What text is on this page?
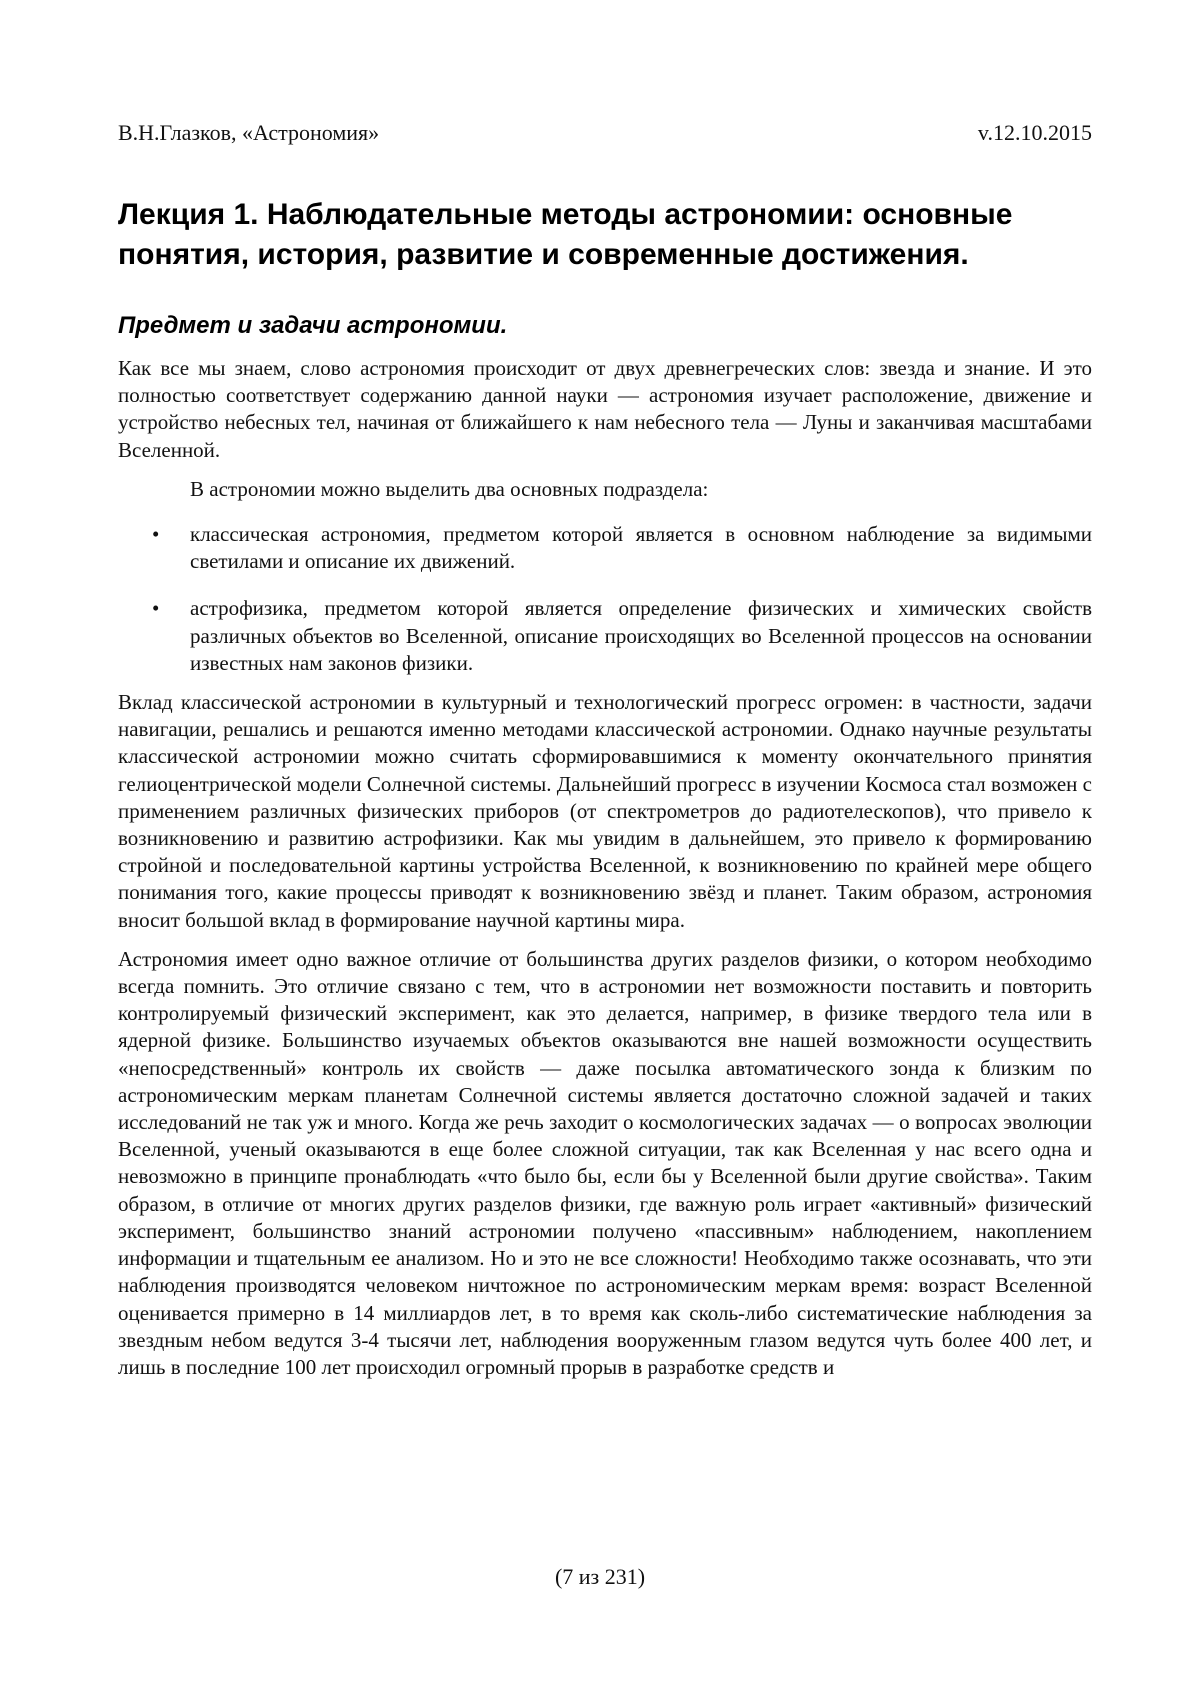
В.Н.Глазков, «Астрономия»	v.12.10.2015
Лекция 1. Наблюдательные методы астрономии: основные понятия, история, развитие и современные достижения.
Предмет и задачи астрономии.

Как все мы знаем, слово астрономия происходит от двух древнегреческих слов: звезда и знание. И это полностью соответствует содержанию данной науки — астрономия изучает расположение, движение и устройство небесных тел, начиная от ближайшего к нам небесного тела — Луны и заканчивая масштабами Вселенной.

В астрономии можно выделить два основных подраздела:

• классическая астрономия, предметом которой является в основном наблюдение за видимыми светилами и описание их движений.
• астрофизика, предметом которой является определение физических и химических свойств различных объектов во Вселенной, описание происходящих во Вселенной процессов на основании известных нам законов физики.

Вклад классической астрономии в культурный и технологический прогресс огромен: в частности, задачи навигации, решались и решаются именно методами классической астрономии. Однако научные результаты классической астрономии можно считать сформировавшимися к моменту окончательного принятия гелиоцентрической модели Солнечной системы. Дальнейший прогресс в изучении Космоса стал возможен с применением различных физических приборов (от спектрометров до радиотелескопов), что привело к возникновению и развитию астрофизики. Как мы увидим в дальнейшем, это привело к формированию стройной и последовательной картины устройства Вселенной, к возникновению по крайней мере общего понимания того, какие процессы приводят к возникновению звёзд и планет. Таким образом, астрономия вносит большой вклад в формирование научной картины мира.

Астрономия имеет одно важное отличие от большинства других разделов физики, о котором необходимо всегда помнить. Это отличие связано с тем, что в астрономии нет возможности поставить и повторить контролируемый физический эксперимент, как это делается, например, в физике твердого тела или в ядерной физике. Большинство изучаемых объектов оказываются вне нашей возможности осуществить «непосредственный» контроль их свойств — даже посылка автоматического зонда к близким по астрономическим меркам планетам Солнечной системы является достаточно сложной задачей и таких исследований не так уж и много. Когда же речь заходит о космологических задачах — о вопросах эволюции Вселенной, ученый оказываются в еще более сложной ситуации, так как Вселенная у нас всего одна и невозможно в принципе пронаблюдать «что было бы, если бы у Вселенной были другие свойства». Таким образом, в отличие от многих других разделов физики, где важную роль играет «активный» физический эксперимент, большинство знаний астрономии получено «пассивным» наблюдением, накоплением информации и тщательным ее анализом. Но и это не все сложности! Необходимо также осознавать, что эти наблюдения производятся человеком ничтожное по астрономическим меркам время: возраст Вселенной оценивается примерно в 14 миллиардов лет, в то время как сколь-либо систематические наблюдения за звездным небом ведутся 3-4 тысячи лет, наблюдения вооруженным глазом ведутся чуть более 400 лет, и лишь в последние 100 лет происходил огромный прорыв в разработке средств и

(7 из 231)
